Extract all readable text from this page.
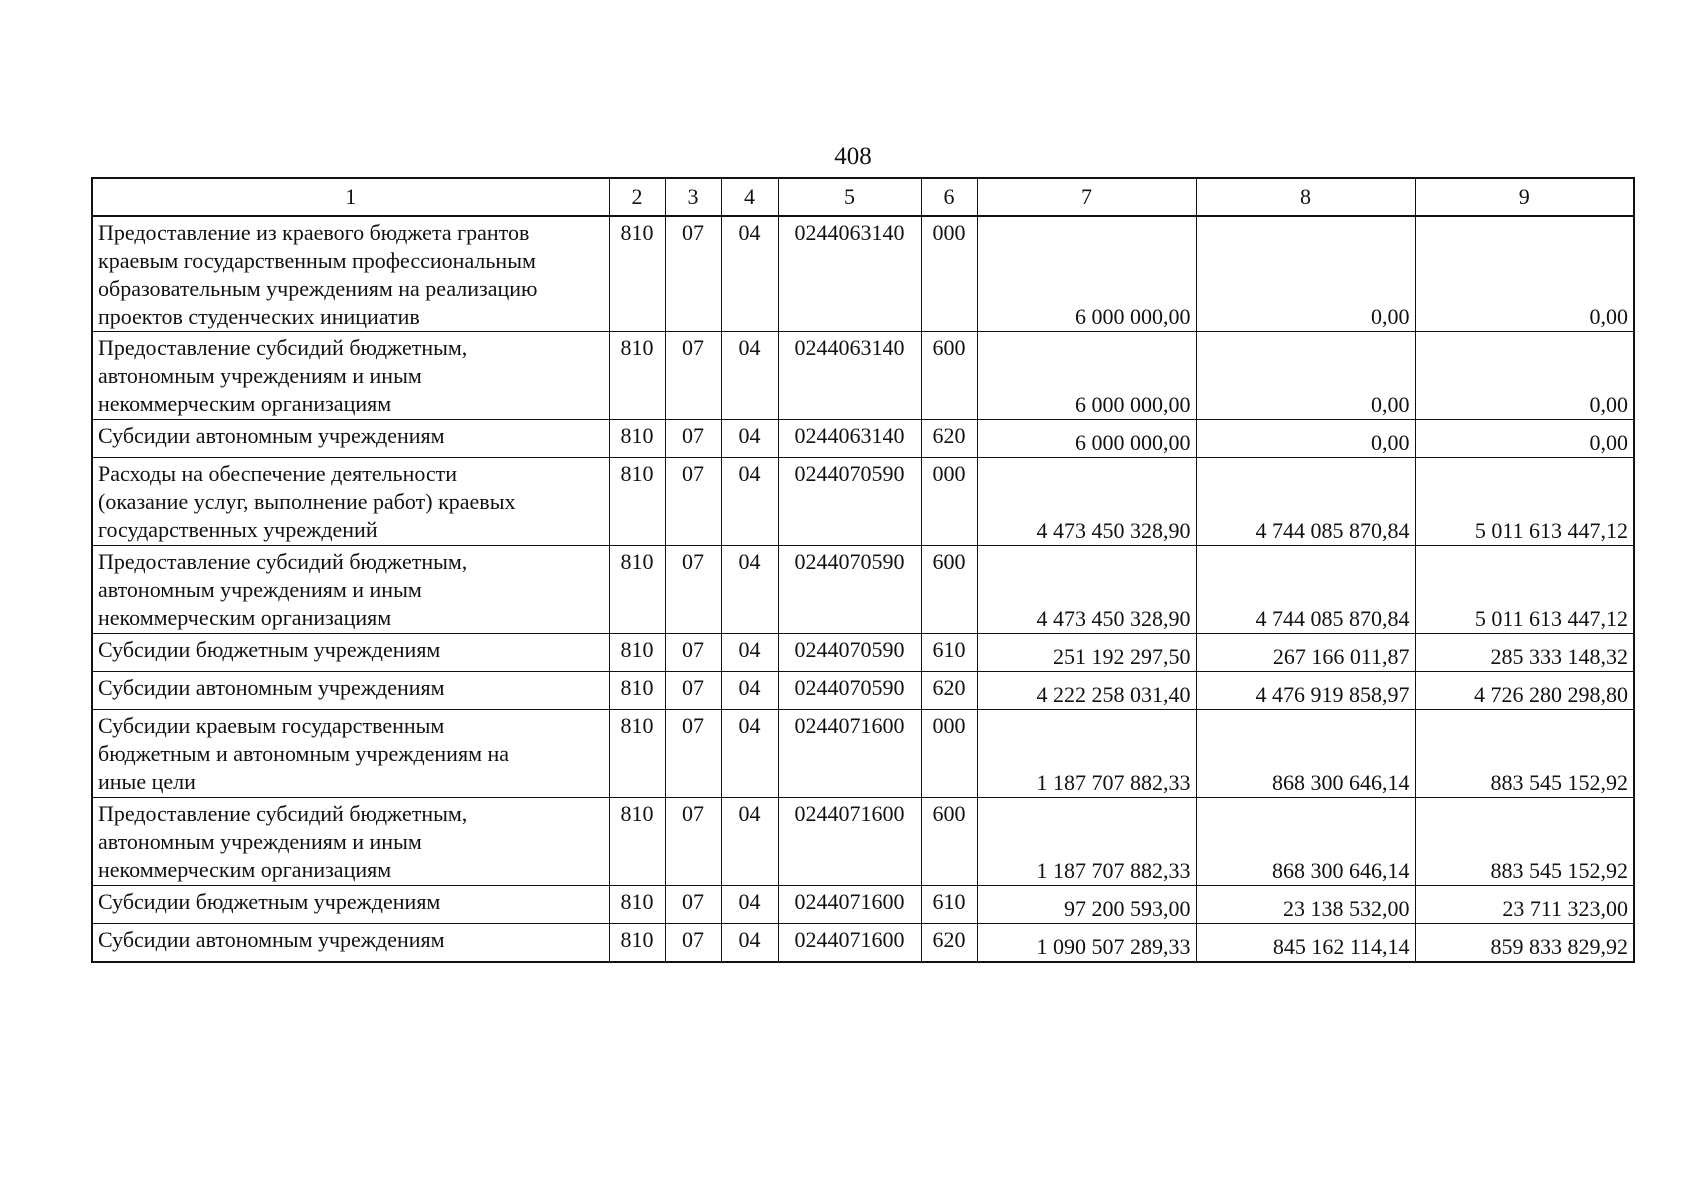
408
1	2	3	4	5	6	7	8	9

Предоставление из краевого бюджета грантов
краевым государственным профессиональным
образовательным учреждениям на реализацию
проектов студенческих инициатив	810	07	04	0244063140	000	6 000 000,00	0,00	0,00

Предоставление субсидий бюджетным,
автономным учреждениям и иным
некоммерческим организациям	810	07	04	0244063140	600	6 000 000,00	0,00	0,00

Субсидии автономным учреждениям	810	07	04	0244063140	620	6 000 000,00	0,00	0,00

Расходы на обеспечение деятельности
(оказание услуг, выполнение работ) краевых
государственных учреждений	810	07	04	0244070590	000	4 473 450 328,90	4 744 085 870,84	5 011 613 447,12

Предоставление субсидий бюджетным,
автономным учреждениям и иным
некоммерческим организациям	810	07	04	0244070590	600	4 473 450 328,90	4 744 085 870,84	5 011 613 447,12

Субсидии бюджетным учреждениям	810	07	04	0244070590	610	251 192 297,50	267 166 011,87	285 333 148,32

Субсидии автономным учреждениям	810	07	04	0244070590	620	4 222 258 031,40	4 476 919 858,97	4 726 280 298,80

Субсидии краевым государственным
бюджетным и автономным учреждениям на
иные цели	810	07	04	0244071600	000	1 187 707 882,33	868 300 646,14	883 545 152,92

Предоставление субсидий бюджетным,
автономным учреждениям и иным
некоммерческим организациям	810	07	04	0244071600	600	1 187 707 882,33	868 300 646,14	883 545 152,92

Субсидии бюджетным учреждениям	810	07	04	0244071600	610	97 200 593,00	23 138 532,00	23 711 323,00

Субсидии автономным учреждениям	810	07	04	0244071600	620	1 090 507 289,33	845 162 114,14	859 833 829,92
